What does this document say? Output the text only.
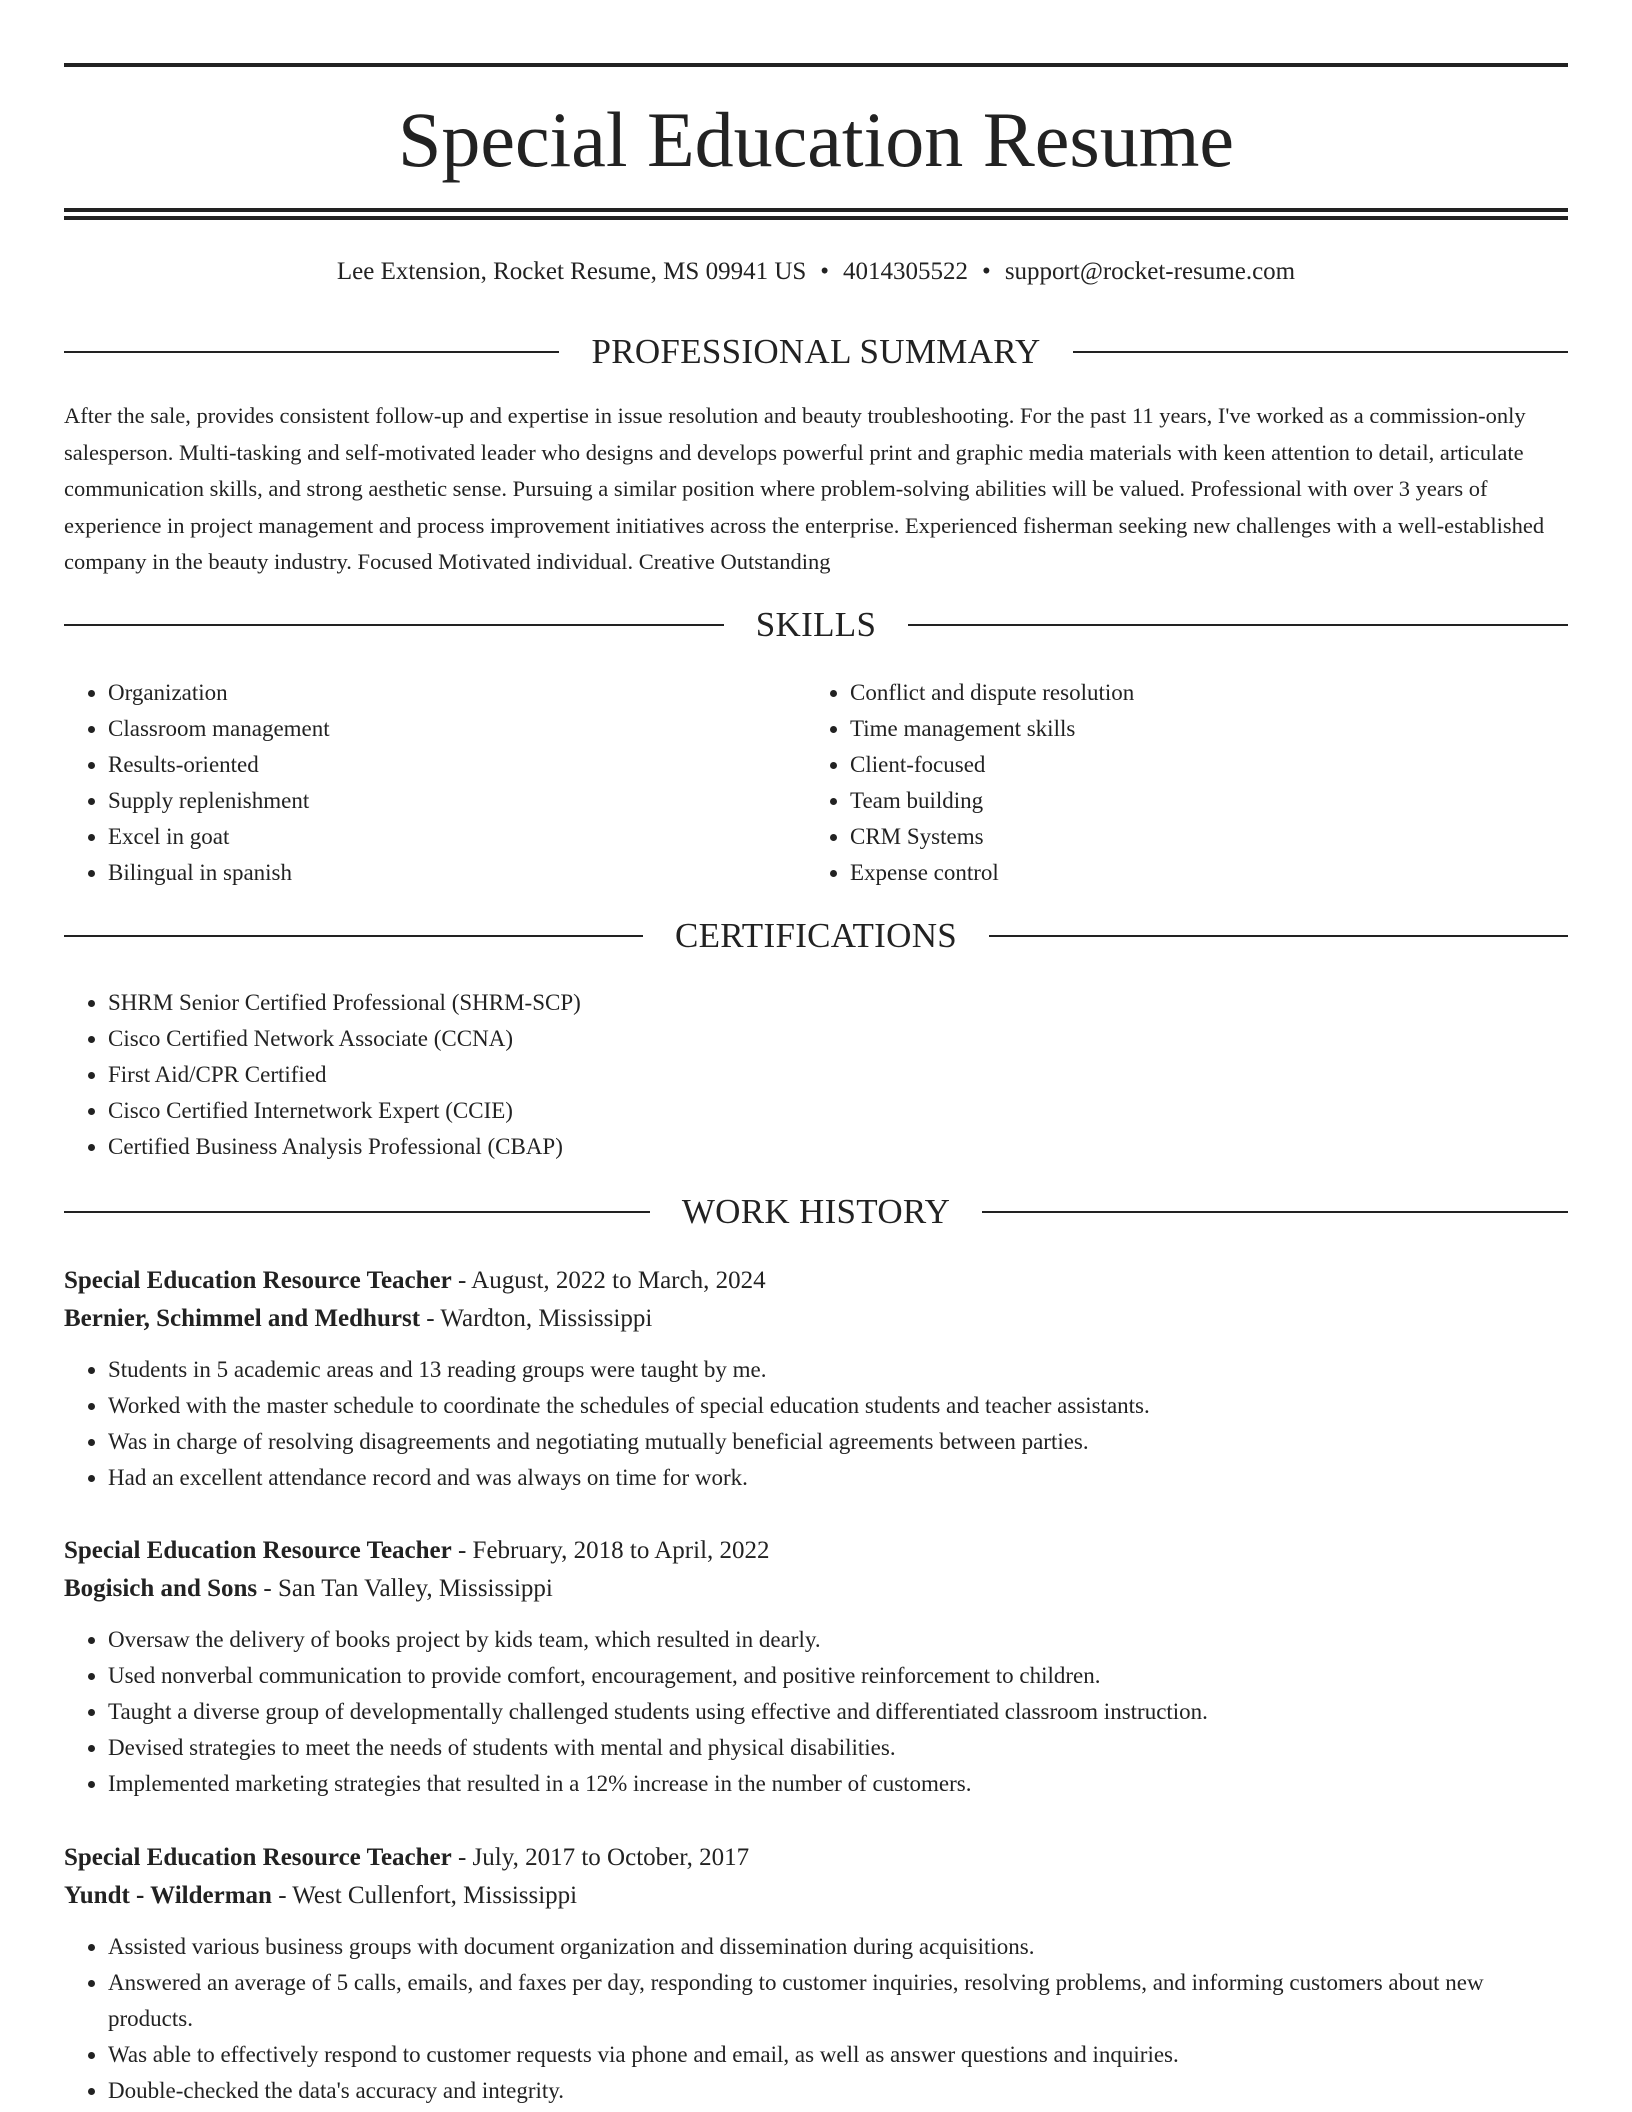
Special Education Resume
Lee Extension, Rocket Resume, MS 09941 US • 4014305522 • support@rocket-resume.com
PROFESSIONAL SUMMARY

After the sale, provides consistent follow-up and expertise in issue resolution and beauty troubleshooting. For the past 11 years, I've worked as a commission-only salesperson. Multi-tasking and self-motivated leader who designs and develops powerful print and graphic media materials with keen attention to detail, articulate communication skills, and strong aesthetic sense. Pursuing a similar position where problem-solving abilities will be valued. Professional with over 3 years of experience in project management and process improvement initiatives across the enterprise. Experienced fisherman seeking new challenges with a well-established company in the beauty industry. Focused Motivated individual. Creative Outstanding

SKILLS
• Organization
• Classroom management
• Results-oriented
• Supply replenishment
• Excel in goat
• Bilingual in spanish
• Conflict and dispute resolution
• Time management skills
• Client-focused
• Team building
• CRM Systems
• Expense control
CERTIFICATIONS
• SHRM Senior Certified Professional (SHRM-SCP)
• Cisco Certified Network Associate (CCNA)
• First Aid/CPR Certified
• Cisco Certified Internetwork Expert (CCIE)
• Certified Business Analysis Professional (CBAP)
WORK HISTORY
Special Education Resource Teacher - August, 2022 to March, 2024
Bernier, Schimmel and Medhurst - Wardton, Mississippi
• Students in 5 academic areas and 13 reading groups were taught by me.
• Worked with the master schedule to coordinate the schedules of special education students and teacher assistants.
• Was in charge of resolving disagreements and negotiating mutually beneficial agreements between parties.
• Had an excellent attendance record and was always on time for work.
Special Education Resource Teacher - February, 2018 to April, 2022
Bogisich and Sons - San Tan Valley, Mississippi
• Oversaw the delivery of books project by kids team, which resulted in dearly.
• Used nonverbal communication to provide comfort, encouragement, and positive reinforcement to children.
• Taught a diverse group of developmentally challenged students using effective and differentiated classroom instruction.
• Devised strategies to meet the needs of students with mental and physical disabilities.
• Implemented marketing strategies that resulted in a 12% increase in the number of customers.
Special Education Resource Teacher - July, 2017 to October, 2017
Yundt - Wilderman - West Cullenfort, Mississippi
• Assisted various business groups with document organization and dissemination during acquisitions.
• Answered an average of 5 calls, emails, and faxes per day, responding to customer inquiries, resolving problems, and informing customers about new products.
• Was able to effectively respond to customer requests via phone and email, as well as answer questions and inquiries.
• Double-checked the data's accuracy and integrity.
